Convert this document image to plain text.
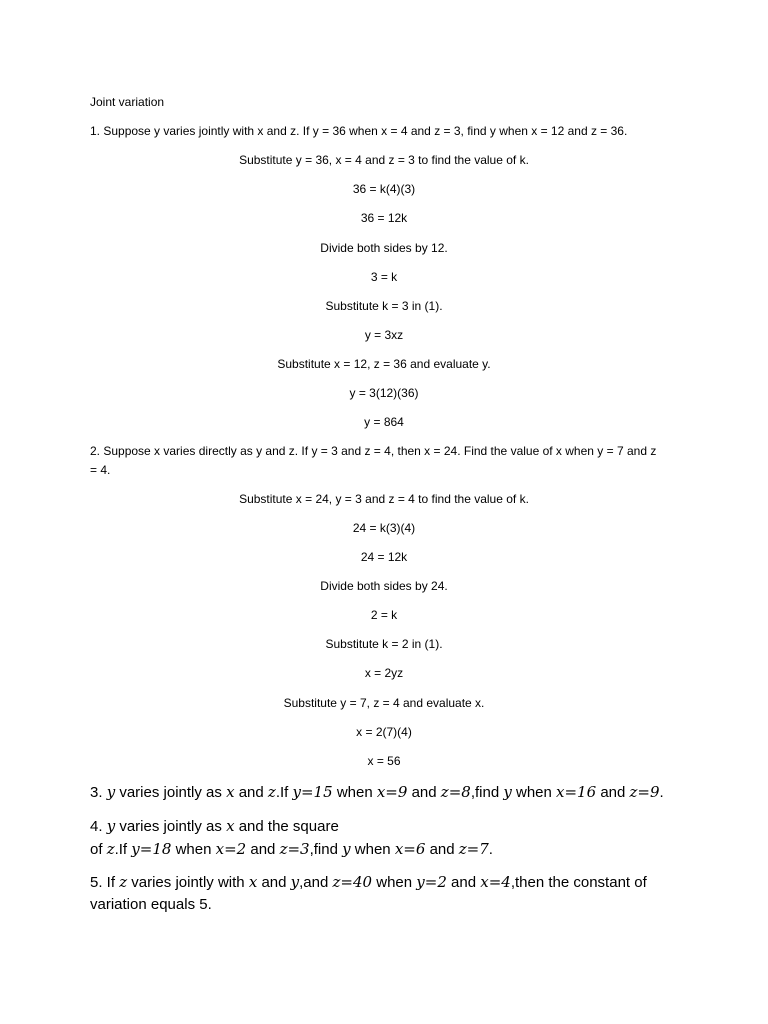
Joint variation
1. Suppose y varies jointly with x and z. If y = 36 when x = 4 and z = 3, find y when x = 12 and z = 36.
Substitute y = 36, x = 4 and z = 3 to find the value of k.
36 = k(4)(3)
36 = 12k
Divide both sides by 12.
3 = k
Substitute k = 3 in (1).
y = 3xz
Substitute x = 12, z = 36 and evaluate y.
y = 3(12)(36)
y = 864
2. Suppose x varies directly as y and z. If y = 3 and z = 4, then x = 24. Find the value of x when y = 7 and z
= 4.
Substitute x = 24, y = 3 and z = 4 to find the value of k.
24 = k(3)(4)
24 = 12k
Divide both sides by 24.
2 = k
Substitute k = 2 in (1).
x = 2yz
Substitute y = 7, z = 4 and evaluate x.
x = 2(7)(4)
x = 56
3. y varies jointly as x and z.If y=15 when x=9 and z=8,find y when x=16 and z=9.
4. y varies jointly as x and the square
of z.If y=18 when x=2 and z=3,find y when x=6 and z=7.
5. If z varies jointly with x and y,and z=40 when y=2 and x=4,then the constant of
variation equals 5.
